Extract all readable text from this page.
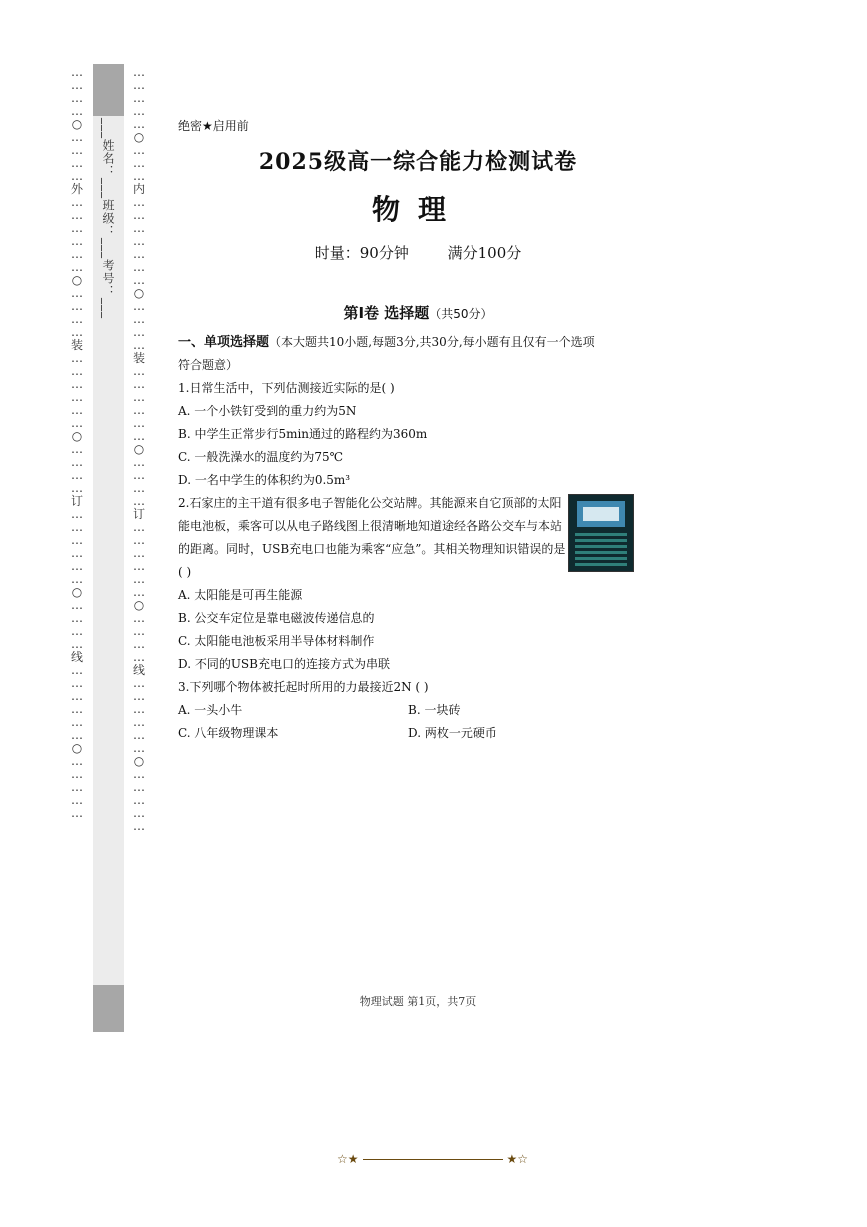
…
…
…
…
○
…
…
…
…
外
…
…
…
…
…
…
○
…
…
…
…
装
…
…
…
…
…
…
○
…
…
…
…
订
…
…
…
…
…
…
○
…
…
…
…
线
…
…
…
…
…
…
○
…
…
…
…
…
…
…
…
…
…
○
…
…
…
内
…
…
…
…
…
…
…
○
…
…
…
…
装
…
…
…
…
…
…
○
…
…
…
…
订
…
…
…
…
…
…
○
…
…
…
…
线
…
…
…
…
…
…
○
…
…
…
…
…
___姓名：___班级：___考号：___	绝密★启用前
2025级高一综合能力检测试卷
物理
时量：90分钟	满分100分
第Ⅰ卷 选择题（共50分）
一、单项选择题（本大题共10小题,每题3分,共30分,每小题有且仅有一个选项
符合题意）
1.日常生活中，下列估测接近实际的是( )
A. 一个小铁钉受到的重力约为5N
B. 中学生正常步行5min通过的路程约为360m
C. 一般洗澡水的温度约为75℃
D. 一名中学生的体积约为0.5m³
2.石家庄的主干道有很多电子智能化公交站牌。其能源来自它顶部的太阳能电池板，乘客可以从电子路线图上很清晰地知道途经各路公交车与本站的距离。同时，USB充电口也能为乘客“应急”。其相关物理知识错误的是( )
A. 太阳能是可再生能源
B. 公交车定位是靠电磁波传递信息的
C. 太阳能电池板采用半导体材料制作
D. 不同的USB充电口的连接方式为串联
3.下列哪个物体被托起时所用的力最接近2N ( )
A. 一头小牛	B. 一块砖
C. 八年级物理课本	D. 两枚一元硬币
物理试题 第1页，共7页
☆★	★☆
